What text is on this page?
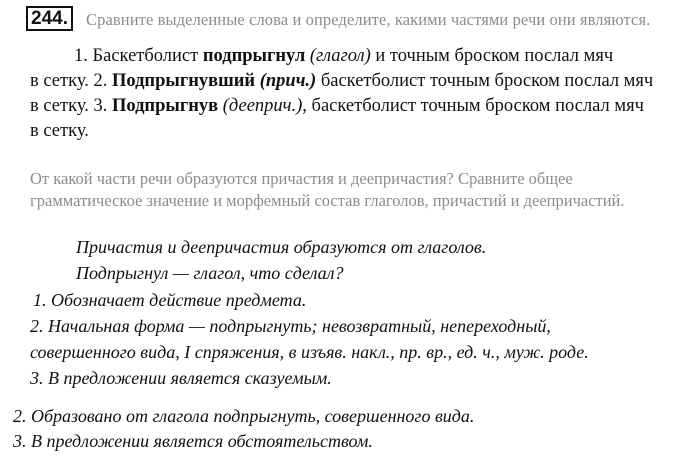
244.	Сравните выделенные слова и определите, какими частями речи они являются.
1. Баскетболист подпрыгнул (глагол) и точным броском послал мяч
в сетку. 2. Подпрыгнувший (прич.) баскетболист точным броском послал мяч
в сетку. 3. Подпрыгнув (дееприч.), баскетболист точным броском послал мяч
в сетку.
От какой части речи образуются причастия и деепричастия? Сравните общее
грамматическое значение и морфемный состав глаголов, причастий и деепричастий.
Причастия и деепричастия образуются от глаголов.
Подпрыгнул — глагол, что сделал?
1. Обозначает действие предмета.
2. Начальная форма — подпрыгнуть; невозвратный, непереходный,
совершенного вида, I спряжения, в изъяв. накл., пр. вр., ед. ч., муж. роде.
3. В предложении является сказуемым.
2. Образовано от глагола подпрыгнуть, совершенного вида.
3. В предложении является обстоятельством.
